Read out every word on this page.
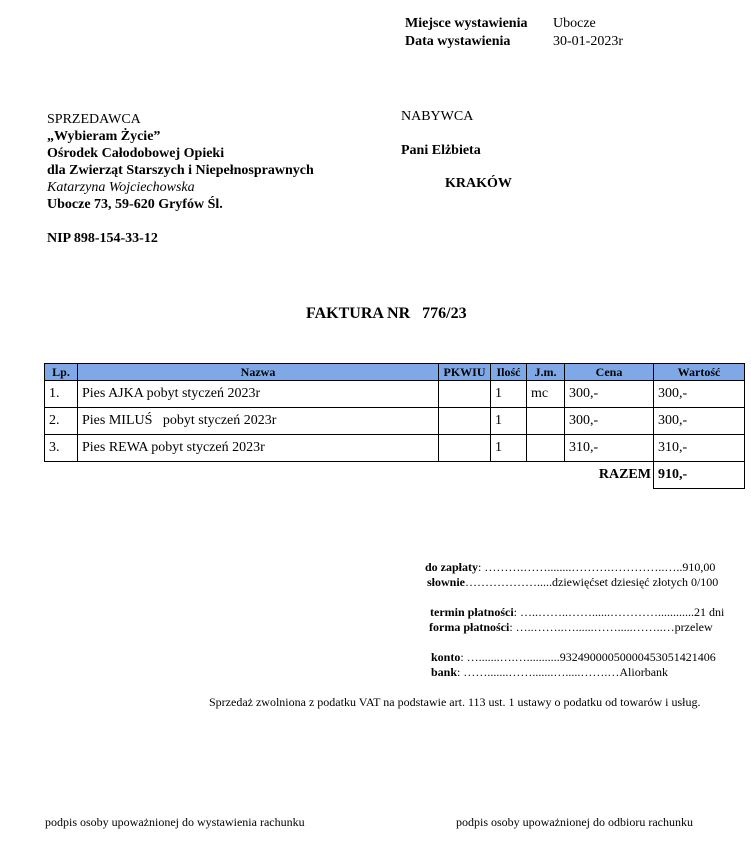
Miejsce wystawienia Ubocze
Data wystawienia	30-01-2023r
SPRZEDAWCA
„Wybieram Życie”
Ośrodek Całodobowej Opieki
dla Zwierząt Starszych i Niepełnosprawnych
Katarzyna Wojciechowska
Ubocze 73, 59-620 Gryfów Śl.
NIP 898-154-33-12
NABYWCA
Pani Elżbieta
KRAKÓW
FAKTURA NR 776/23
Lp.	Nazwa	PKWIU	Ilość	J.m.	Cena	Wartość
1.	Pies AJKA pobyt styczeń 2023r		1	mc	300,-	300,-
2.	Pies MILUŚ   pobyt styczeń 2023r		1		300,-	300,-
3.	Pies REWA pobyt styczeń 2023r		1		310,-	310,-
					RAZEM	910,-
do zapłaty: ……….……........……….…………..…..910,00
słownie……………….....dziewięćset dziesięć złotych 0/100
termin płatności: …..……..……......…………............21 dni
forma płatności: …..……..…......…….....……..…przelew
konto: ….......….…...........93249000050000453051421406
bank: …….......…….......….....…….…Aliorbank
Sprzedaż zwolniona z podatku VAT na podstawie art. 113 ust. 1 ustawy o podatku od towarów i usług.
podpis osoby upoważnionej do wystawienia rachunku	podpis osoby upoważnionej do odbioru rachunku
